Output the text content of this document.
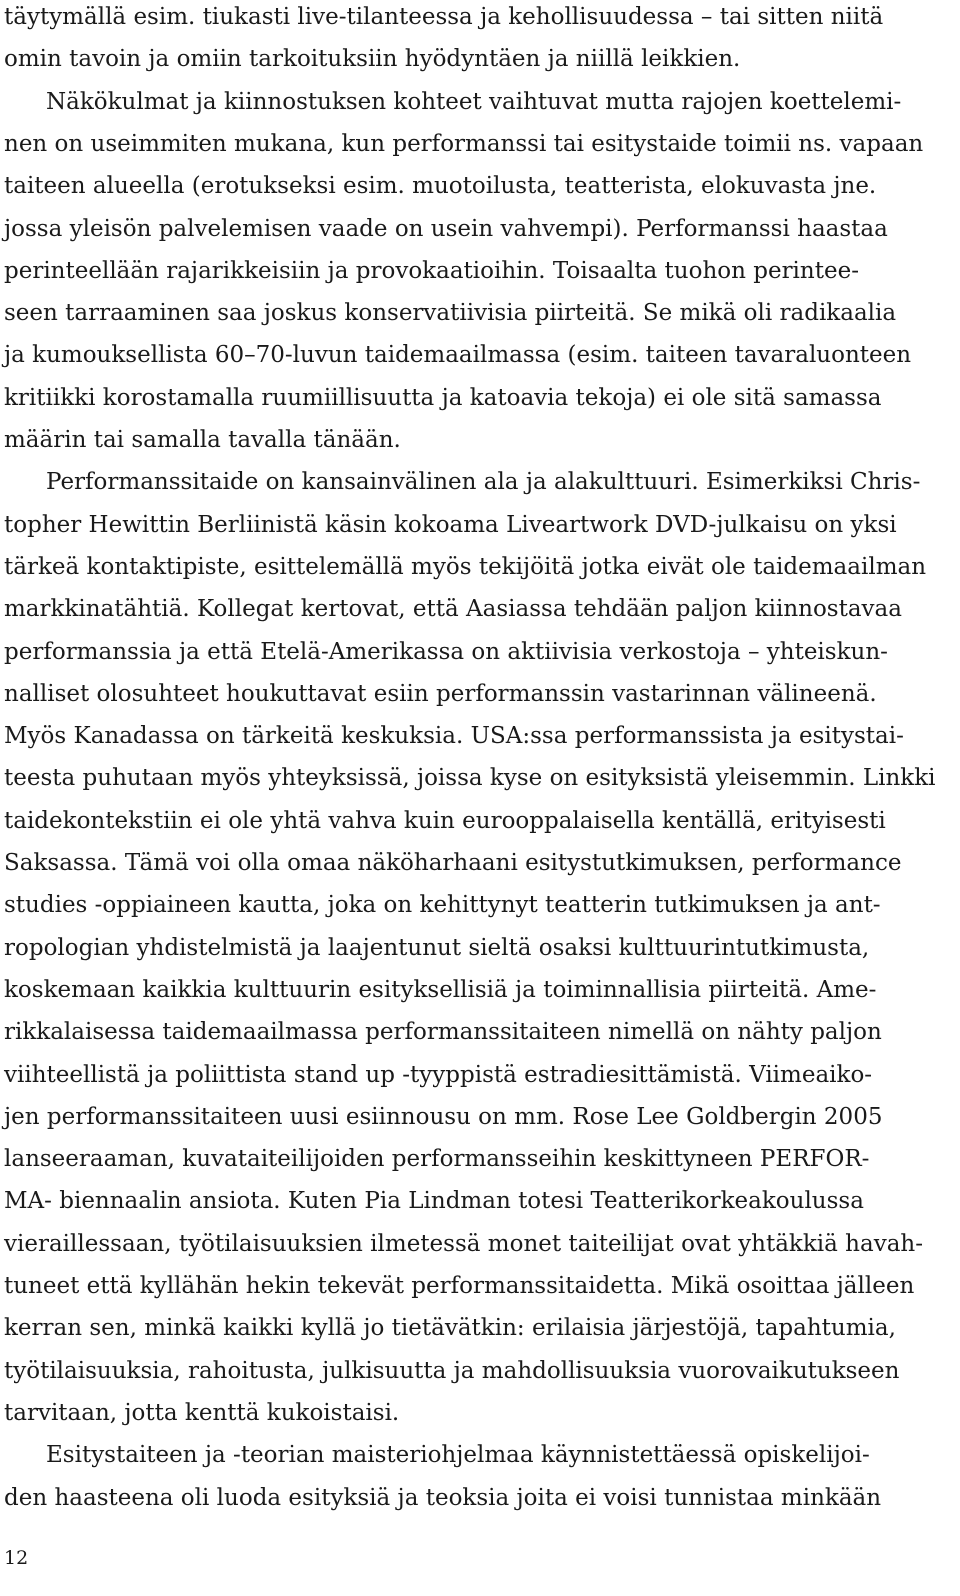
täytymällä esim. tiukasti live-tilanteessa ja kehollisuudessa – tai sitten niitä
omin tavoin ja omiin tarkoituksiin hyödyntäen ja niillä leikkien.
Näkökulmat ja kiinnostuksen kohteet vaihtuvat mutta rajojen koettelemi-
nen on useimmiten mukana, kun performanssi tai esitystaide toimii ns. vapaan
taiteen alueella (erotukseksi esim. muotoilusta, teatterista, elokuvasta jne.
jossa yleisön palvelemisen vaade on usein vahvempi). Performanssi haastaa
perinteellään rajarikkeisiin ja provokaatioihin. Toisaalta tuohon perintee-
seen tarraaminen saa joskus konservatiivisia piirteitä. Se mikä oli radikaalia
ja kumouksellista 60–70-luvun taidemaailmassa (esim. taiteen tavaraluonteen
kritiikki korostamalla ruumiillisuutta ja katoavia tekoja) ei ole sitä samassa
määrin tai samalla tavalla tänään.
Performanssitaide on kansainvälinen ala ja alakulttuuri. Esimerkiksi Chris-
topher Hewittin Berliinistä käsin kokoama Liveartwork DVD-julkaisu on yksi
tärkeä kontaktipiste, esittelemällä myös tekijöitä jotka eivät ole taidemaailman
markkinatähtiä. Kollegat kertovat, että Aasiassa tehdään paljon kiinnostavaa
performanssia ja että Etelä-Amerikassa on aktiivisia verkostoja – yhteiskun-
nalliset olosuhteet houkuttavat esiin performanssin vastarinnan välineenä.
Myös Kanadassa on tärkeitä keskuksia. USA:ssa performanssista ja esitystai-
teesta puhutaan myös yhteyksissä, joissa kyse on esityksistä yleisemmin. Linkki
taidekontekstiin ei ole yhtä vahva kuin eurooppalaisella kentällä, erityisesti
Saksassa. Tämä voi olla omaa näköharhaani esitystutkimuksen, performance
studies -oppiaineen kautta, joka on kehittynyt teatterin tutkimuksen ja ant-
ropologian yhdistelmistä ja laajentunut sieltä osaksi kulttuurintutkimusta,
koskemaan kaikkia kulttuurin esityksellisiä ja toiminnallisia piirteitä. Ame-
rikkalaisessa taidemaailmassa performanssitaiteen nimellä on nähty paljon
viihteellistä ja poliittista stand up -tyyppistä estradiesittämistä. Viimeaiko-
jen performanssitaiteen uusi esiinnousu on mm. Rose Lee Goldbergin 2005
lanseeraaman, kuvataiteilijoiden performansseihin keskittyneen PERFOR-
MA- biennaalin ansiota. Kuten Pia Lindman totesi Teatterikorkeakoulussa
vieraillessaan, työtilaisuuksien ilmetessä monet taiteilijat ovat yhtäkkiä havah-
tuneet että kyllähän hekin tekevät performanssitaidetta. Mikä osoittaa jälleen
kerran sen, minkä kaikki kyllä jo tietävätkin: erilaisia järjestöjä, tapahtumia,
työtilaisuuksia, rahoitusta, julkisuutta ja mahdollisuuksia vuorovaikutukseen
tarvitaan, jotta kenttä kukoistaisi.
Esitystaiteen ja -teorian maisteriohjelmaa käynnistettäessä opiskelijoi-
den haasteena oli luoda esityksiä ja teoksia joita ei voisi tunnistaa minkään
12
